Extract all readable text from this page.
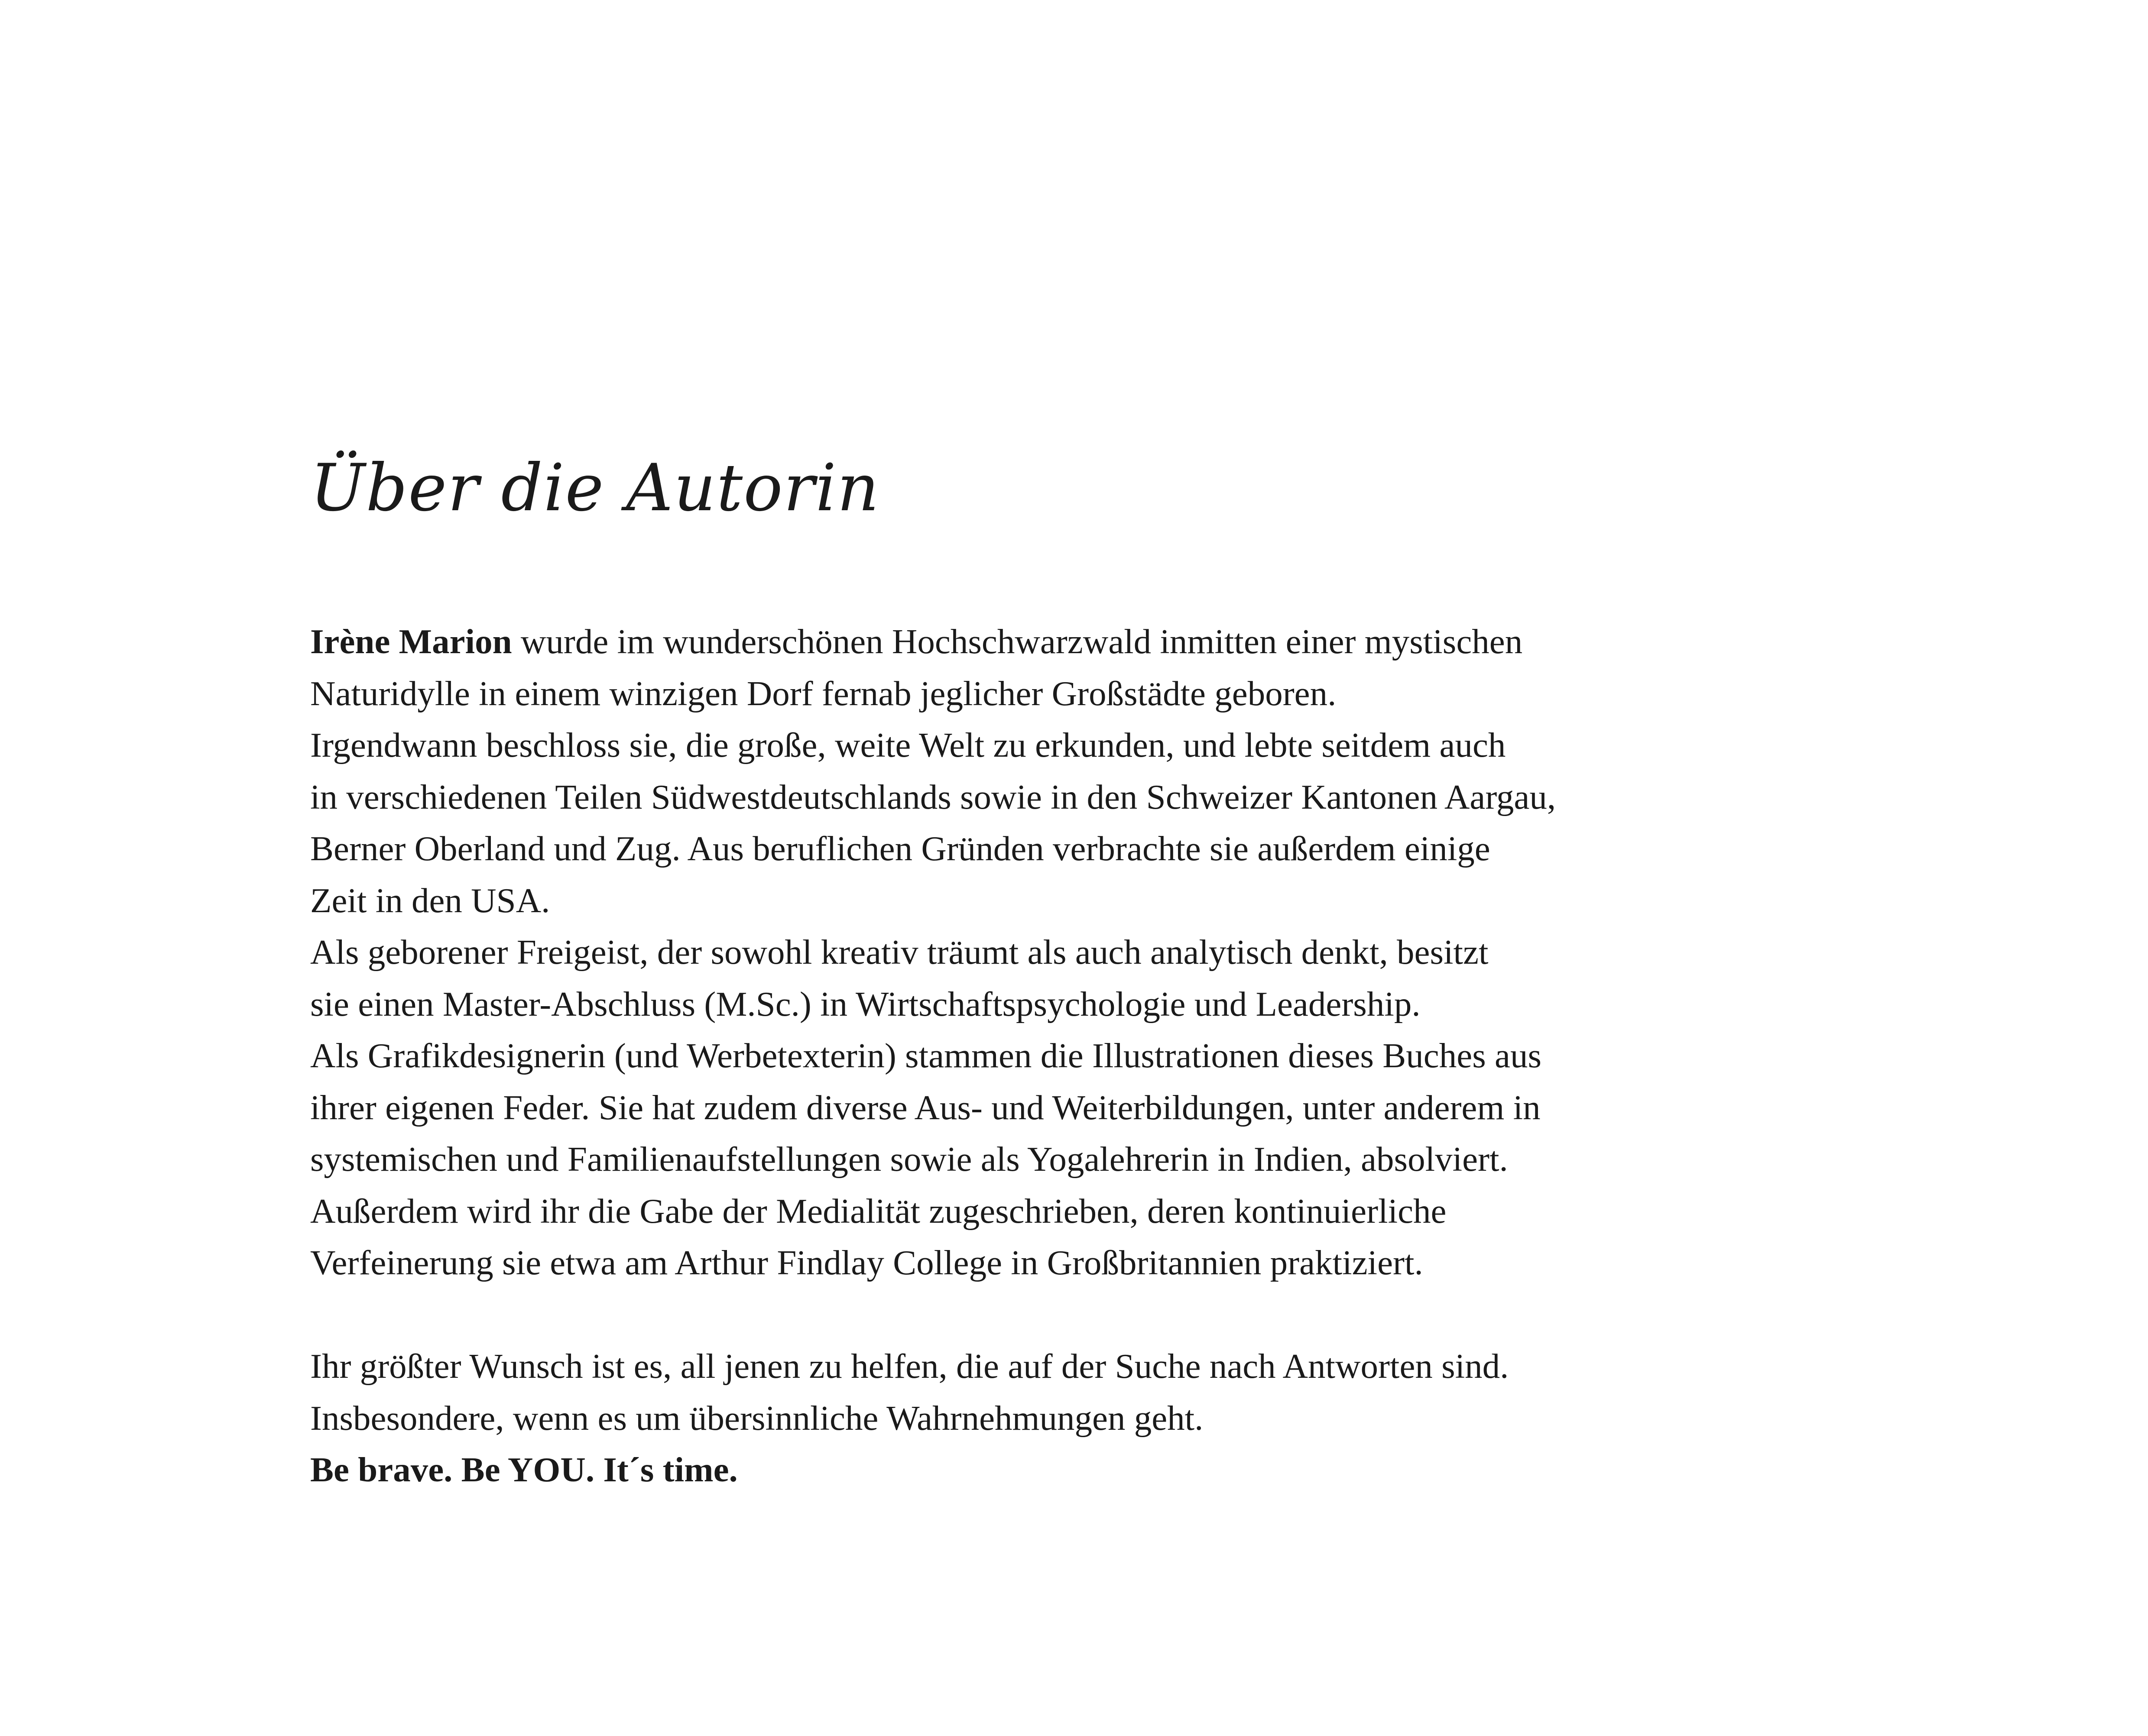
Über die Autorin
Irène Marion wurde im wunderschönen Hochschwarzwald inmitten einer mystischen
Naturidylle in einem winzigen Dorf fernab jeglicher Großstädte geboren.
Irgendwann beschloss sie, die große, weite Welt zu erkunden, und lebte seitdem auch
in verschiedenen Teilen Südwestdeutschlands sowie in den Schweizer Kantonen Aargau,
Berner Oberland und Zug. Aus beruflichen Gründen verbrachte sie außerdem einige
Zeit in den USA.
Als geborener Freigeist, der sowohl kreativ träumt als auch analytisch denkt, besitzt
sie einen Master-Abschluss (M.Sc.) in Wirtschaftspsychologie und Leadership.
Als Grafikdesignerin (und Werbetexterin) stammen die Illustrationen dieses Buches aus
ihrer eigenen Feder. Sie hat zudem diverse Aus- und Weiterbildungen, unter anderem in
systemischen und Familienaufstellungen sowie als Yogalehrerin in Indien, absolviert.
Außerdem wird ihr die Gabe der Medialität zugeschrieben, deren kontinuierliche
Verfeinerung sie etwa am Arthur Findlay College in Großbritannien praktiziert.
Ihr größter Wunsch ist es, all jenen zu helfen, die auf der Suche nach Antworten sind.
Insbesondere, wenn es um übersinnliche Wahrnehmungen geht.
Be brave. Be YOU. It´s time.
